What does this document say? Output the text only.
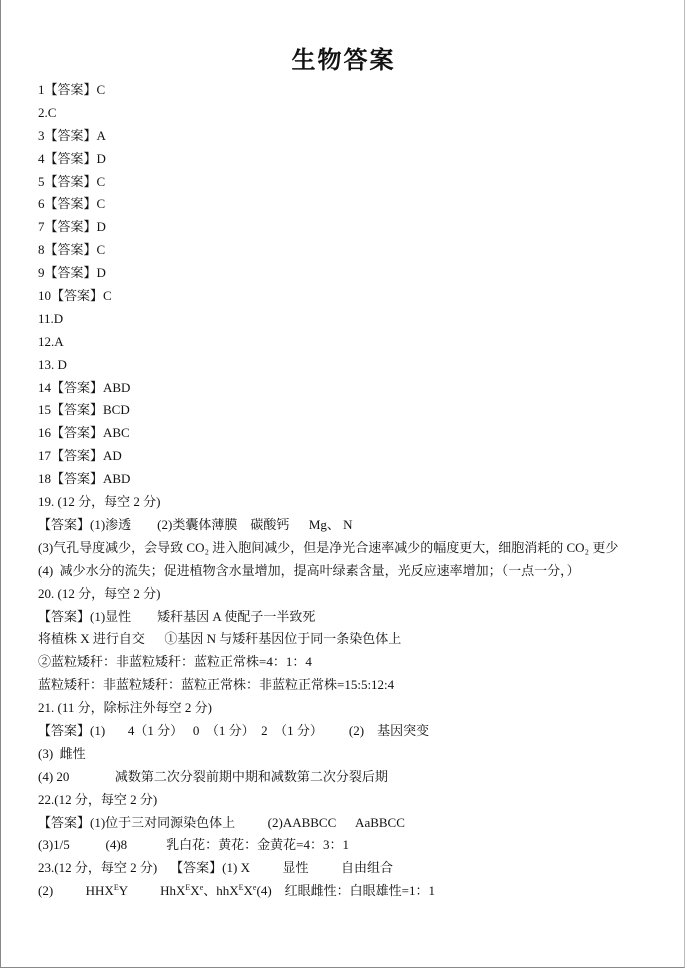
生物答案
1【答案】C
2.C
3【答案】A
4【答案】D
5【答案】C
6【答案】C
7【答案】D
8【答案】C
9【答案】D
10【答案】C
11.D
12.A
13. D
14【答案】ABD
15【答案】BCD
16【答案】ABC
17【答案】AD
18【答案】ABD
19. (12 分，每空 2 分)
【答案】(1)渗透        (2)类囊体薄膜    碳酸钙      Mg、 N
(3)气孔导度减少，会导致 CO₂ 进入胞间减少，但是净光合速率减少的幅度更大，细胞消耗的 CO₂ 更少
(4)  减少水分的流失；促进植物含水量增加，提高叶绿素含量，光反应速率增加；（一点一分，）
20. (12 分，每空 2 分)
【答案】(1)显性        矮秆基因 A 使配子一半致死
将植株 X 进行自交      ①基因 N 与矮秆基因位于同一条染色体上
②蓝粒矮秆：非蓝粒矮秆：蓝粒正常株=4：1：4
蓝粒矮秆：非蓝粒矮秆：蓝粒正常株：非蓝粒正常株=15:5:12:4
21. (11 分，除标注外每空 2 分)
【答案】(1)       4（1 分）   0  （1 分）  2  （1 分）        (2)    基因突变
(3)  雌性
(4) 20              减数第二次分裂前期中期和减数第二次分裂后期
22.(12 分，每空 2 分)
【答案】(1)位于三对同源染色体上          (2)AABBCC      AaBBCC
(3)1/5           (4)8            乳白花：黄花：金黄花=4：3：1
23.(12 分，每空 2 分)    【答案】(1) X          显性          自由组合
(2)          $HHX^EY$          HhX$^E$Xe、hhX$^E$Xe(4)    红眼雌性：白眼雄性=1：1
